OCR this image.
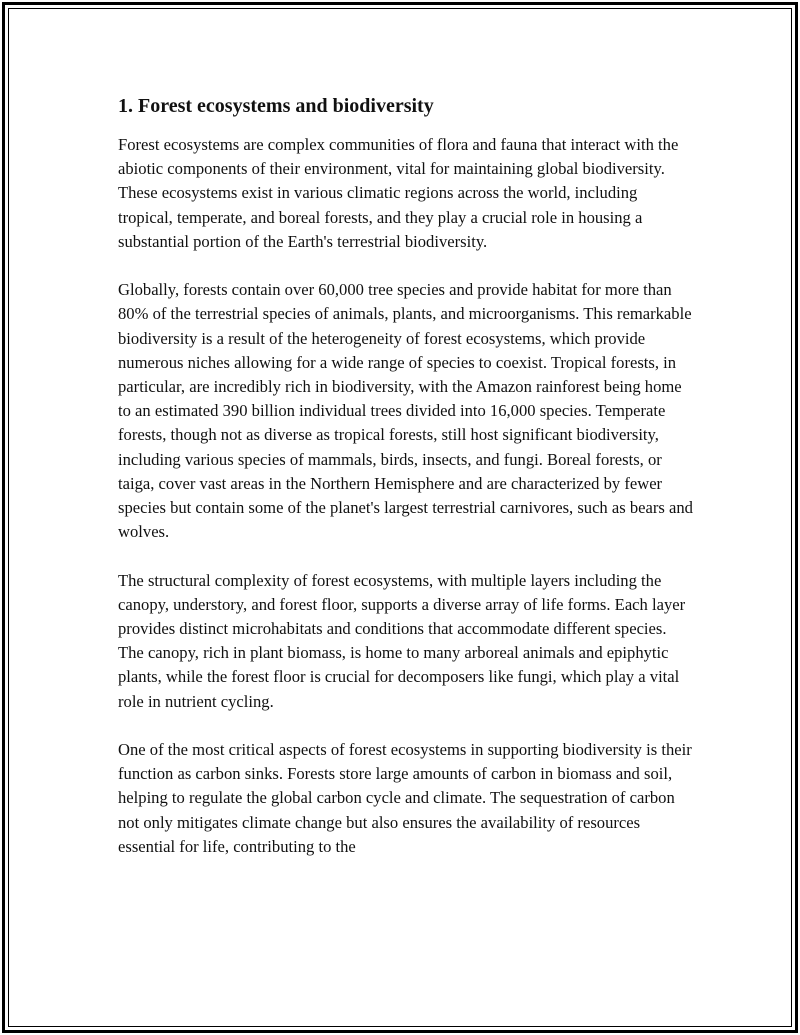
1. Forest ecosystems and biodiversity

Forest ecosystems are complex communities of flora and fauna that interact with the abiotic components of their environment, vital for maintaining global biodiversity. These ecosystems exist in various climatic regions across the world, including tropical, temperate, and boreal forests, and they play a crucial role in housing a substantial portion of the Earth's terrestrial biodiversity.

Globally, forests contain over 60,000 tree species and provide habitat for more than 80% of the terrestrial species of animals, plants, and microorganisms. This remarkable biodiversity is a result of the heterogeneity of forest ecosystems, which provide numerous niches allowing for a wide range of species to coexist. Tropical forests, in particular, are incredibly rich in biodiversity, with the Amazon rainforest being home to an estimated 390 billion individual trees divided into 16,000 species. Temperate forests, though not as diverse as tropical forests, still host significant biodiversity, including various species of mammals, birds, insects, and fungi. Boreal forests, or taiga, cover vast areas in the Northern Hemisphere and are characterized by fewer species but contain some of the planet's largest terrestrial carnivores, such as bears and wolves.

The structural complexity of forest ecosystems, with multiple layers including the canopy, understory, and forest floor, supports a diverse array of life forms. Each layer provides distinct microhabitats and conditions that accommodate different species. The canopy, rich in plant biomass, is home to many arboreal animals and epiphytic plants, while the forest floor is crucial for decomposers like fungi, which play a vital role in nutrient cycling.

One of the most critical aspects of forest ecosystems in supporting biodiversity is their function as carbon sinks. Forests store large amounts of carbon in biomass and soil, helping to regulate the global carbon cycle and climate. The sequestration of carbon not only mitigates climate change but also ensures the availability of resources essential for life, contributing to the
